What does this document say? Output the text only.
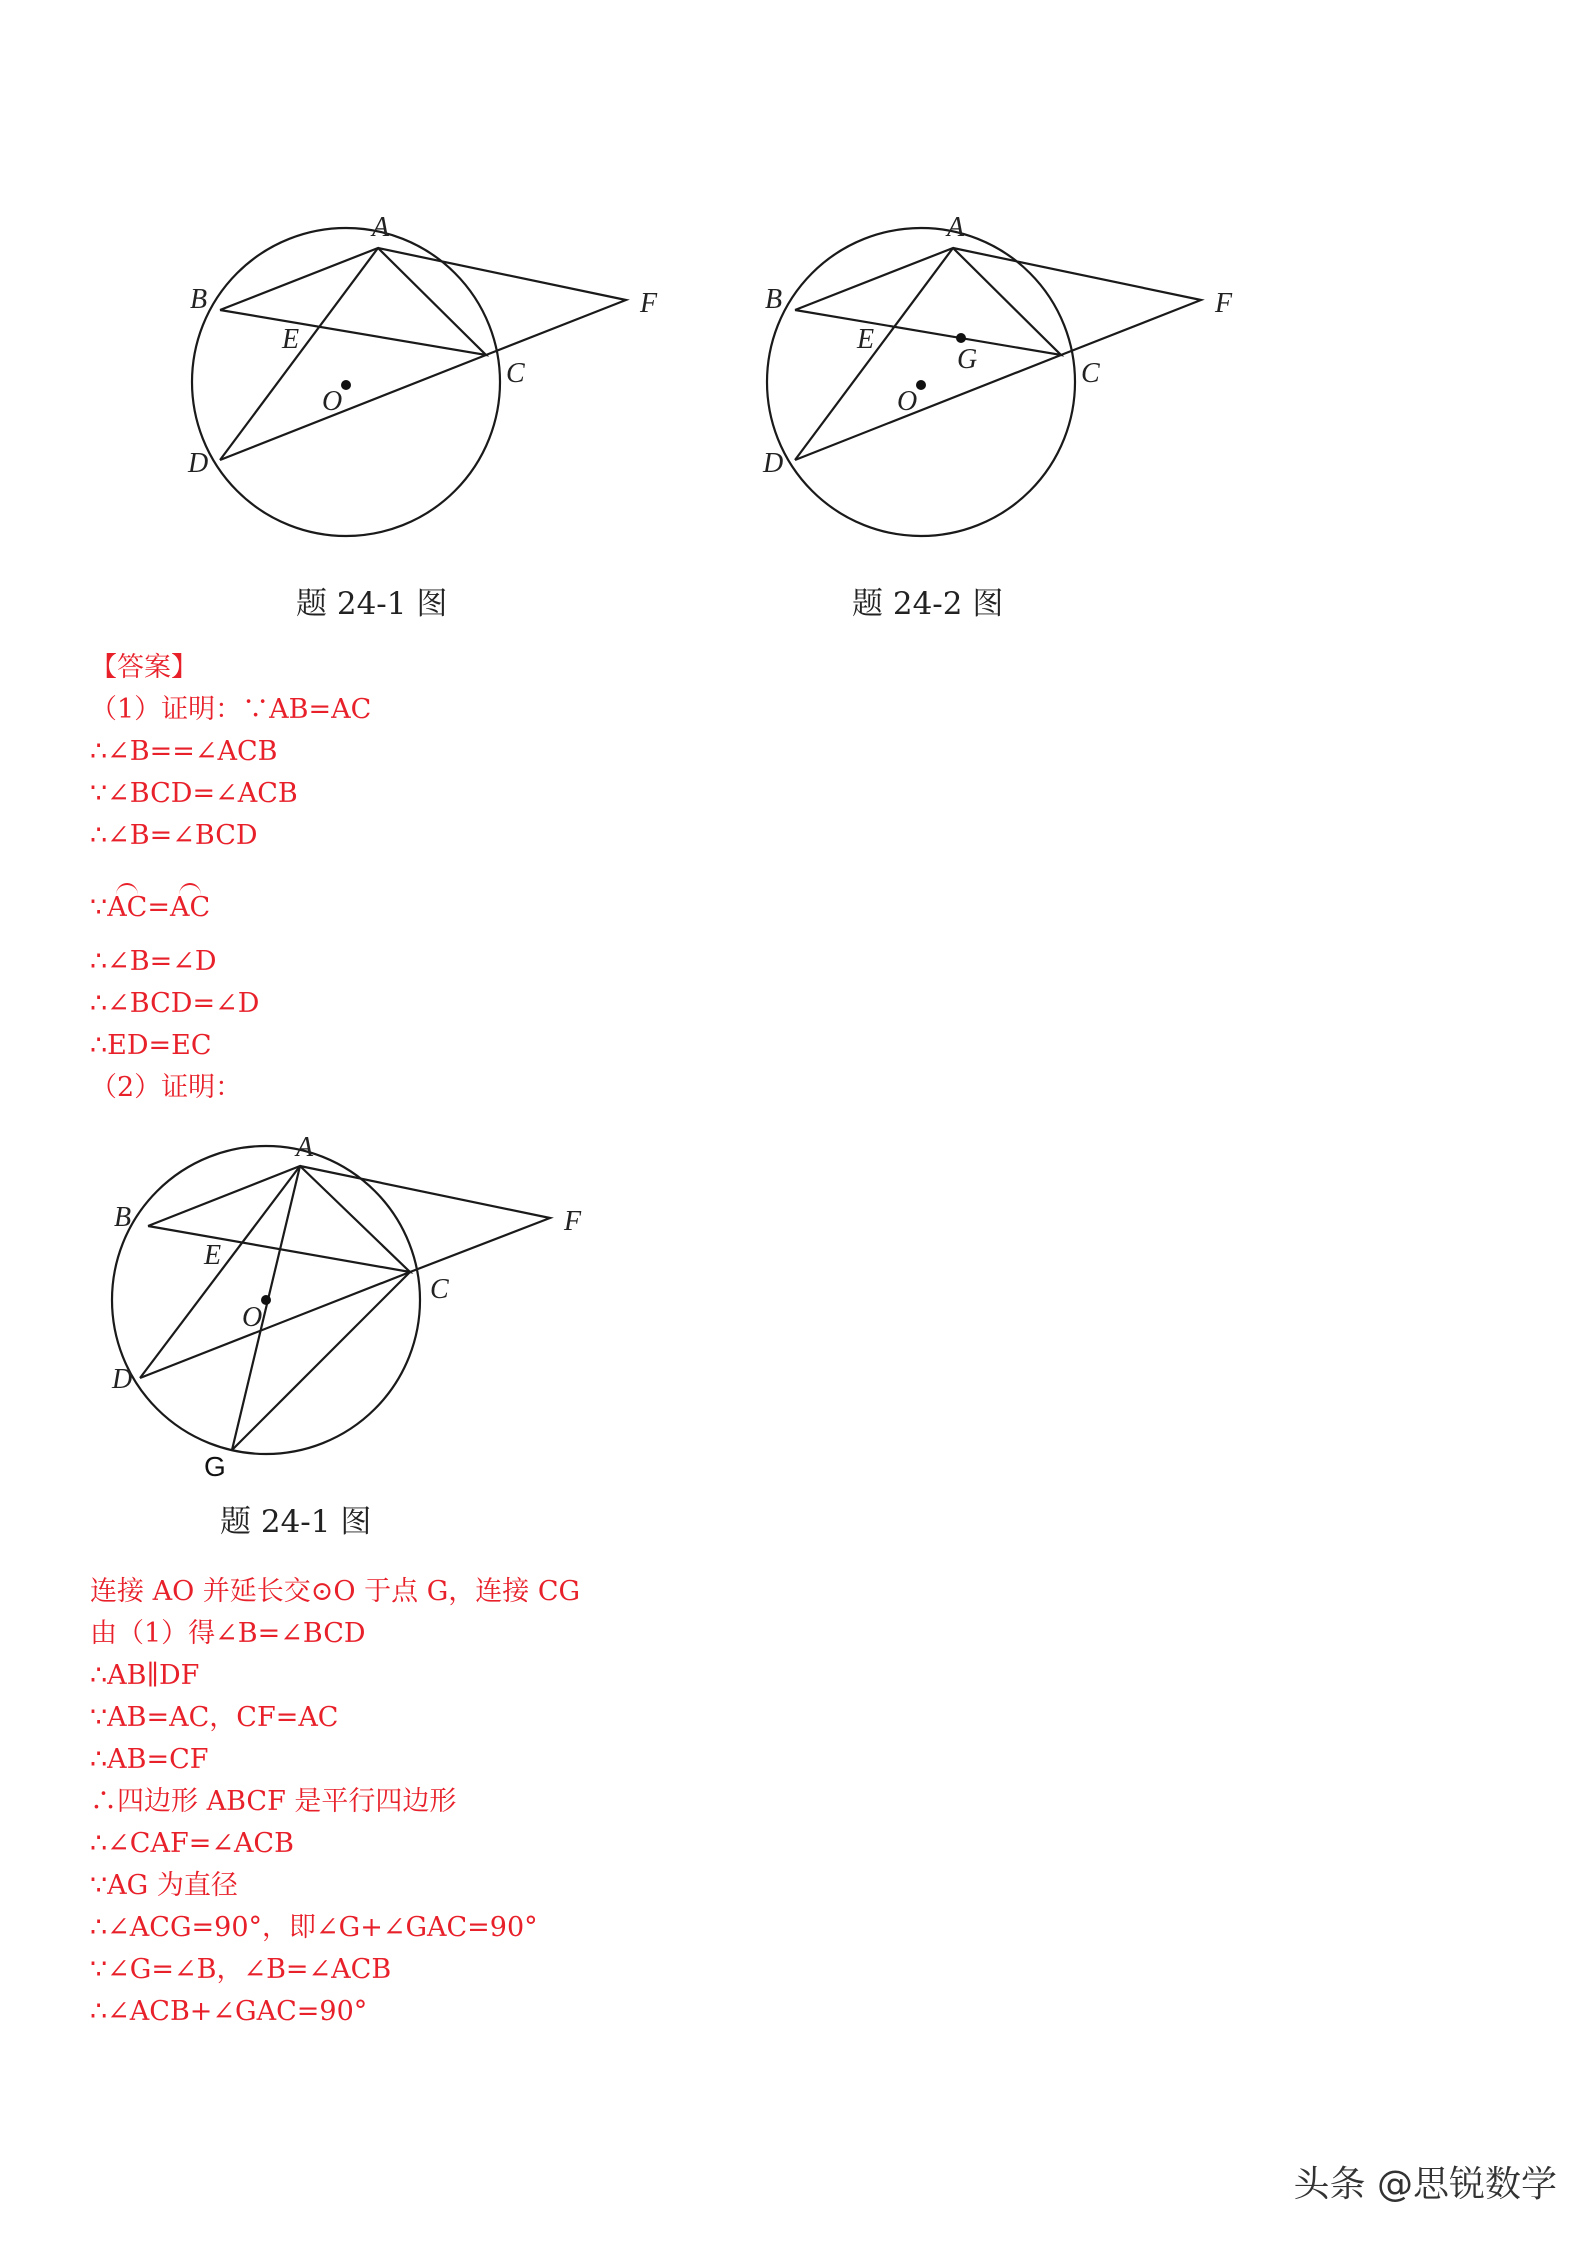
A
B
C
D
E
F
O
题 24-1 图
A
B
C
D
E
F
G
O
题 24-2 图
【答案】
（1）证明：∵AB=AC
∴∠B==∠ACB
∵∠BCD=∠ACB
∴∠B=∠BCD
∵AC=AC
∴∠B=∠D
∴∠BCD=∠D
∴ED=EC
（2）证明：
A
B
C
D
E
F
O
G
题 24-1 图
连接 AO 并延长交⊙O 于点 G，连接 CG
由（1）得∠B=∠BCD
∴AB∥DF
∵AB=AC，CF=AC
∴AB=CF
∴四边形 ABCF 是平行四边形
∴∠CAF=∠ACB
∵AG 为直径
∴∠ACG=90°，即∠G+∠GAC=90°
∵∠G=∠B，∠B=∠ACB
∴∠ACB+∠GAC=90°
头条 @思锐数学
